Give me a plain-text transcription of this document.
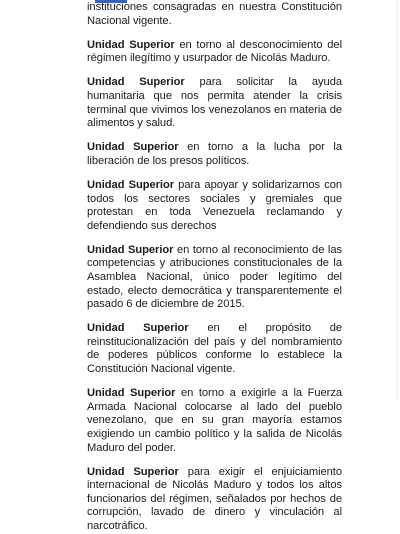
instituciones consagradas en nuestra Constitución Nacional vigente.

Unidad Superior en torno al desconocimiento del régimen ilegítimo y usurpador de Nicolás Maduro.

Unidad Superior para solicitar la ayuda humanitaria que nos permita atender la crisis terminal que vivimos los venezolanos en materia de alimentos y salud.

Unidad Superior en torno a la lucha por la liberación de los presos políticos.

Unidad Superior para apoyar y solidarizarnos con todos los sectores sociales y gremiales que protestan en toda Venezuela reclamando y defendiendo sus derechos

Unidad Superior en torno al reconocimiento de las competencias y atribuciones constitucionales de la Asamblea Nacional, único poder legítimo del estado, electo democrática y transparentemente el pasado 6 de diciembre de 2015.

Unidad Superior en el propósito de reinstitucionalización del país y del nombramiento de poderes públicos conforme lo establece la Constitución Nacional vigente.

Unidad Superior en torno a exigirle a la Fuerza Armada Nacional colocarse al lado del pueblo venezolano, que en su gran mayoría estamos exigiendo un cambio político y la salida de Nicolás Maduro del poder.

Unidad Superior para exigir el enjuiciamiento internacional de Nicolás Maduro y todos los altos funcionarios del régimen, señalados por hechos de corrupción, lavado de dinero y vinculación al narcotráfico.
